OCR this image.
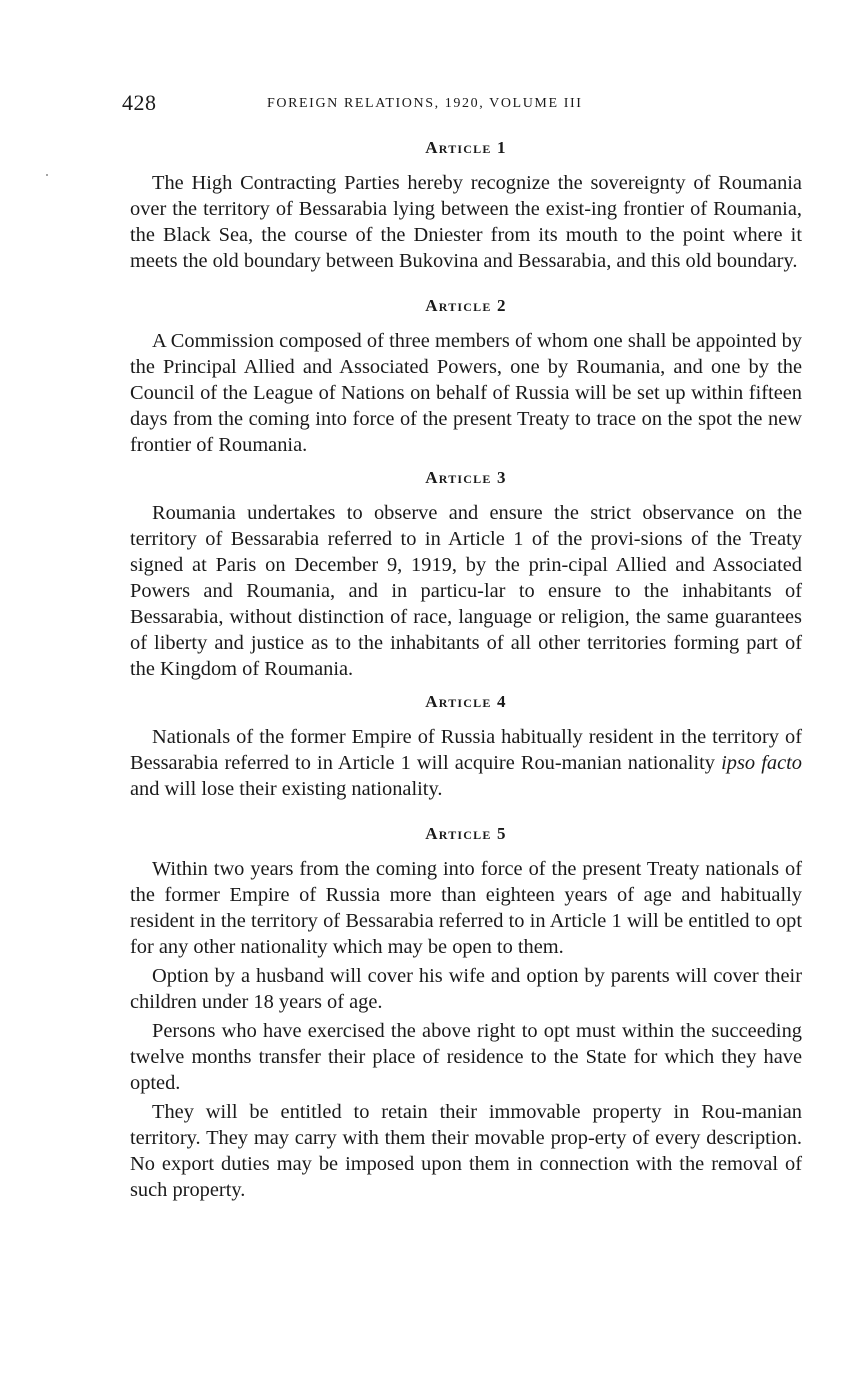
428	FOREIGN RELATIONS, 1920, VOLUME III
Article 1

The High Contracting Parties hereby recognize the sovereignty of Roumania over the territory of Bessarabia lying between the exist-ing frontier of Roumania, the Black Sea, the course of the Dniester from its mouth to the point where it meets the old boundary between Bukovina and Bessarabia, and this old boundary.

Article 2

A Commission composed of three members of whom one shall be appointed by the Principal Allied and Associated Powers, one by Roumania, and one by the Council of the League of Nations on behalf of Russia will be set up within fifteen days from the coming into force of the present Treaty to trace on the spot the new frontier of Roumania.

Article 3

Roumania undertakes to observe and ensure the strict observance on the territory of Bessarabia referred to in Article 1 of the provi-sions of the Treaty signed at Paris on December 9, 1919, by the prin-cipal Allied and Associated Powers and Roumania, and in particu-lar to ensure to the inhabitants of Bessarabia, without distinction of race, language or religion, the same guarantees of liberty and justice as to the inhabitants of all other territories forming part of the Kingdom of Roumania.

Article 4

Nationals of the former Empire of Russia habitually resident in the territory of Bessarabia referred to in Article 1 will acquire Rou-manian nationality ipso facto and will lose their existing nationality.

Article 5

Within two years from the coming into force of the present Treaty nationals of the former Empire of Russia more than eighteen years of age and habitually resident in the territory of Bessarabia referred to in Article 1 will be entitled to opt for any other nationality which may be open to them.

Option by a husband will cover his wife and option by parents will cover their children under 18 years of age.

Persons who have exercised the above right to opt must within the succeeding twelve months transfer their place of residence to the State for which they have opted.

They will be entitled to retain their immovable property in Rou-manian territory. They may carry with them their movable prop-erty of every description. No export duties may be imposed upon them in connection with the removal of such property.
